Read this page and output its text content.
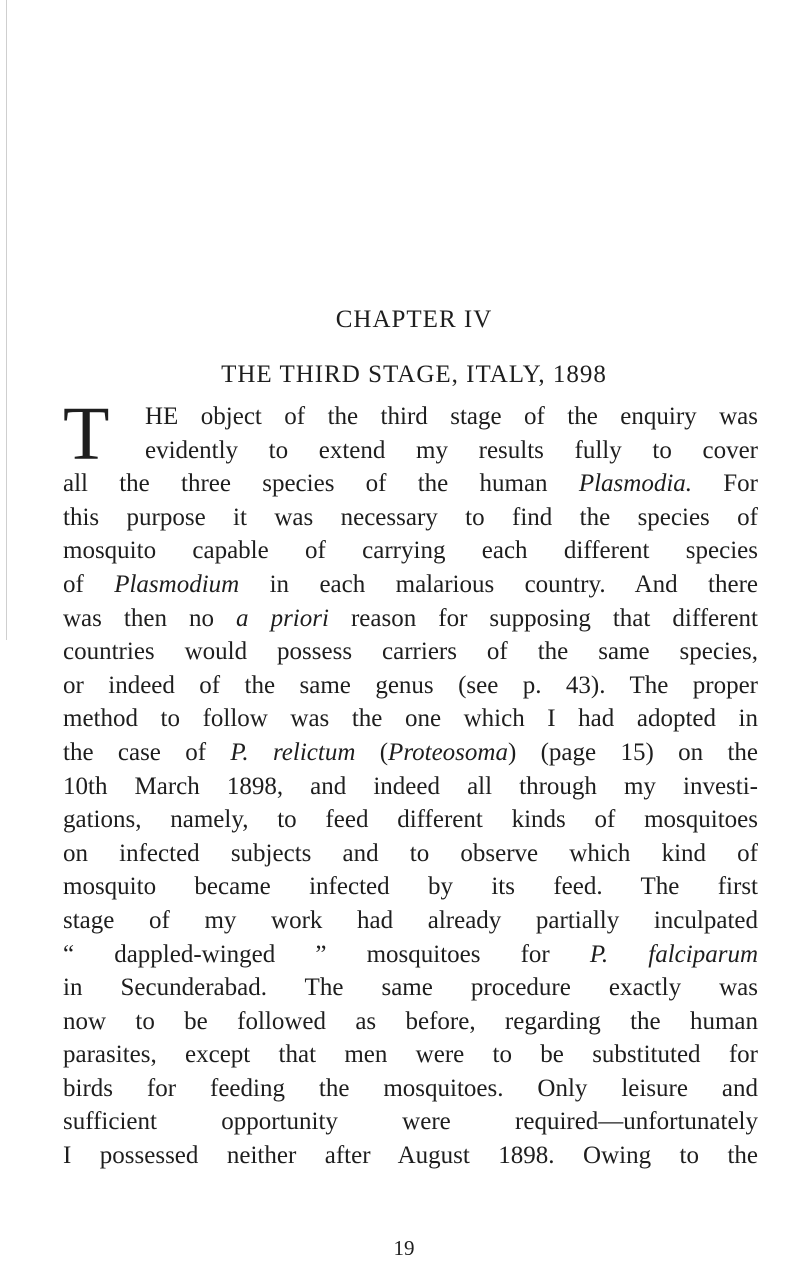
CHAPTER IV
THE THIRD STAGE, ITALY, 1898
T	HE object of the third stage of the enquiry was
evidently to extend my results fully to cover
all the three species of the human Plasmodia. For
this purpose it was necessary to find the species of
mosquito capable of carrying each different species
of Plasmodium in each malarious country. And there
was then no a priori reason for supposing that different
countries would possess carriers of the same species,
or indeed of the same genus (see p. 43). The proper
method to follow was the one which I had adopted in
the case of P. relictum (Proteosoma) (page 15) on the
10th March 1898, and indeed all through my investi-
gations, namely, to feed different kinds of mosquitoes
on infected subjects and to observe which kind of
mosquito became infected by its feed. The first
stage of my work had already partially inculpated
“ dappled-winged ” mosquitoes for P. falciparum
in Secunderabad. The same procedure exactly was
now to be followed as before, regarding the human
parasites, except that men were to be substituted for
birds for feeding the mosquitoes. Only leisure and
sufficient opportunity were required—unfortunately
I possessed neither after August 1898. Owing to the
19
